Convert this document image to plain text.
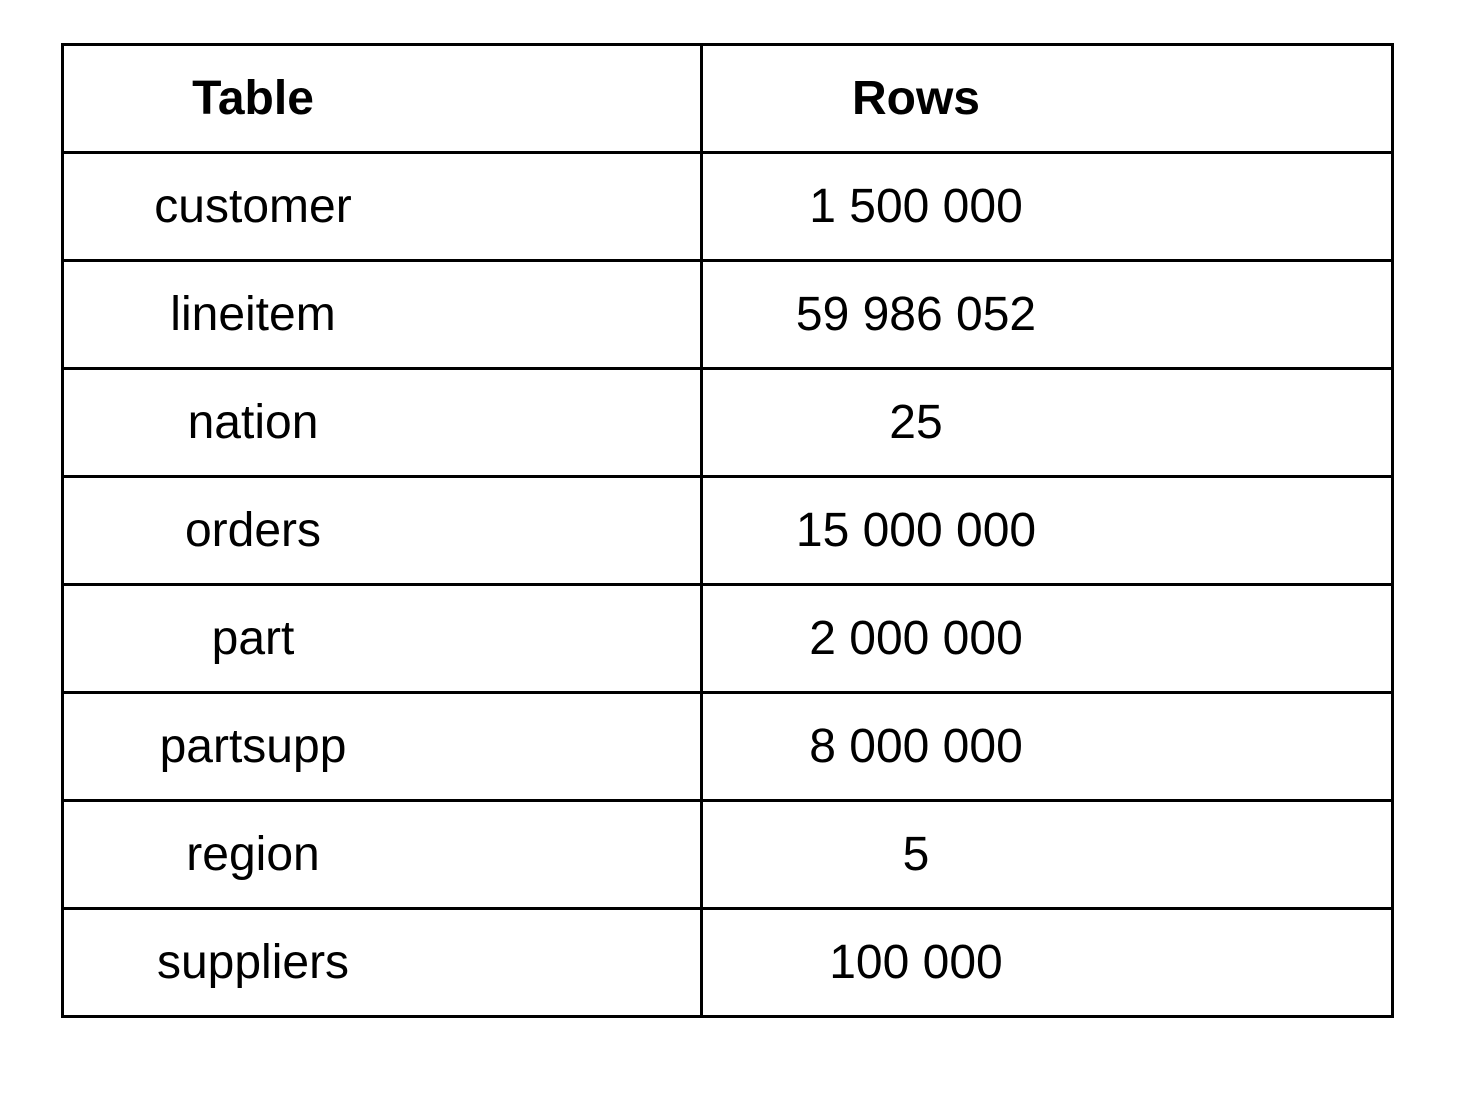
Table	Rows

customer	1 500 000

lineitem	59 986 052

nation	25

orders	15 000 000

part	2 000 000

partsupp	8 000 000

region	5

suppliers	100 000
